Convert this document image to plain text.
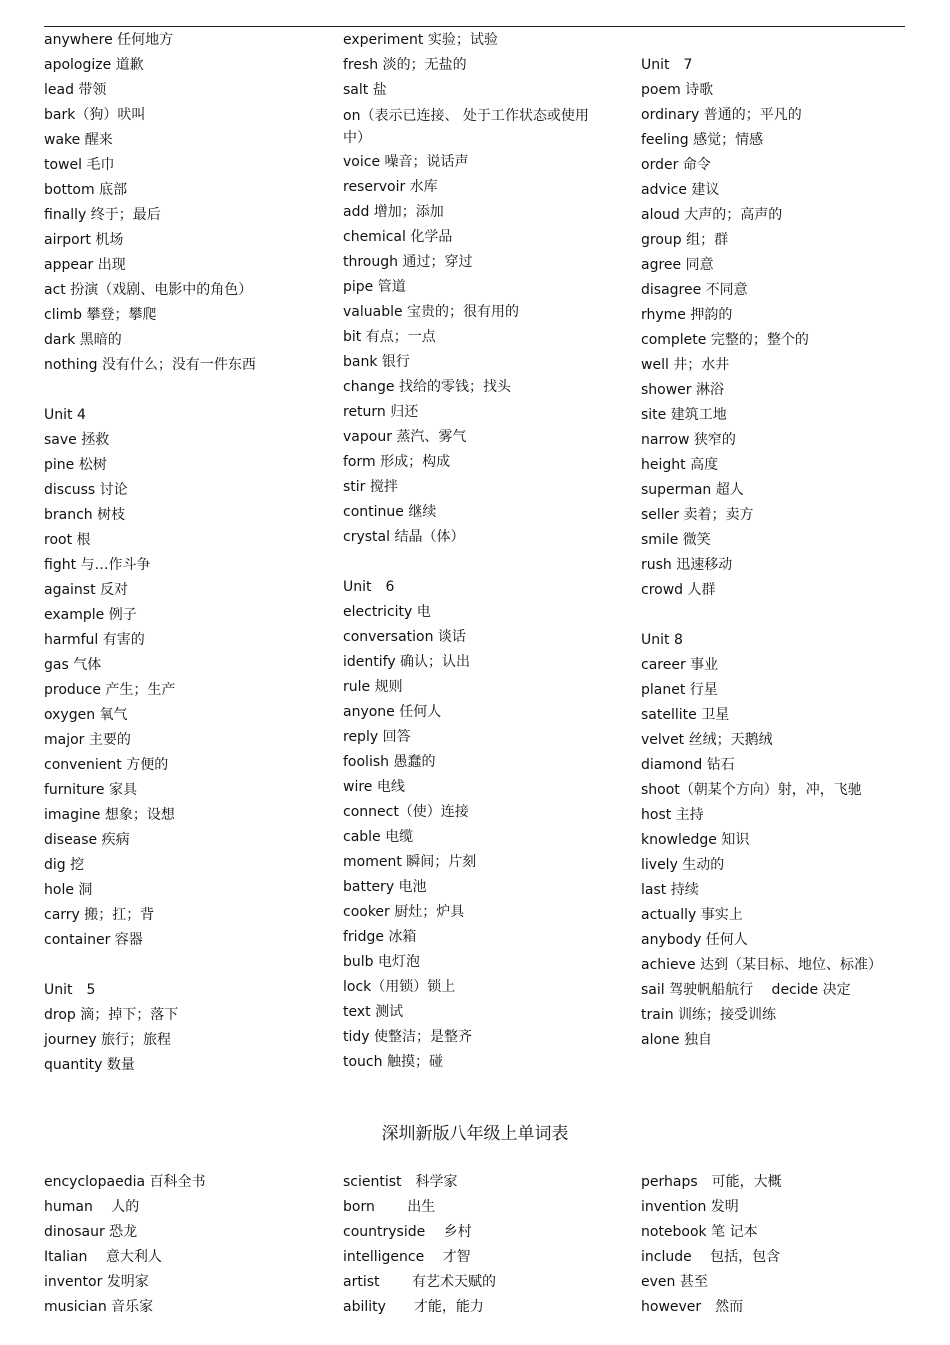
anywhere 任何地方
apologize 道歉
lead 带领
bark（狗）吠叫
wake 醒来
towel 毛巾
bottom 底部
finally 终于；最后
airport 机场
appear 出现
act 扮演（戏剧、电影中的角色）
climb 攀登；攀爬
dark 黑暗的
nothing 没有什么；没有一件东西
Unit 4
save 拯救
pine 松树
discuss 讨论
branch 树枝
root 根
fight 与…作斗争
against 反对
example 例子
harmful 有害的
gas 气体
produce 产生；生产
oxygen 氧气
major 主要的
convenient 方便的
furniture 家具
imagine 想象；设想
disease 疾病
dig 挖
hole 洞
carry 搬；扛；背
container 容器
Unit　5
drop 滴；掉下；落下
journey 旅行；旅程
quantity 数量
experiment 实验；试验
fresh 淡的；无盐的
salt 盐
on（表示已连接、 处于工作状态或使用中）
voice 噪音；说话声
reservoir 水库
add 增加；添加
chemical 化学品
through 通过；穿过
pipe 管道
valuable 宝贵的；很有用的
bit 有点；一点
bank 银行
change 找给的零钱；找头
return 归还
vapour 蒸汽、雾气
form 形成；构成
stir 搅拌
continue 继续
crystal 结晶（体）
Unit　6
electricity 电
conversation 谈话
identify 确认；认出
rule 规则
anyone 任何人
reply 回答
foolish 愚蠢的
wire 电线
connect（使）连接
cable 电缆
moment 瞬间；片刻
battery 电池
cooker 厨灶；炉具
fridge 冰箱
bulb 电灯泡
lock（用锁）锁上
text 测试
tidy 使整洁；是整齐
touch 触摸；碰
Unit　7
poem 诗歌
ordinary 普通的；平凡的
feeling 感觉；情感
order 命令
advice 建议
aloud 大声的；高声的
group 组；群
agree 同意
disagree 不同意
rhyme 押韵的
complete 完整的；整个的
well 井；水井
shower 淋浴
site 建筑工地
narrow 狭窄的
height 高度
superman 超人
seller 卖着；卖方
smile 微笑
rush 迅速移动
crowd 人群
Unit 8
career 事业
planet 行星
satellite 卫星
velvet 丝绒；天鹅绒
diamond 钻石
shoot（朝某个方向）射，冲，飞驰
host 主持
knowledge 知识
lively 生动的
last 持续
actually 事实上
anybody 任何人
achieve 达到（某目标、地位、标准）
sail 驾驶帆船航行　 decide 决定
train 训练；接受训练
alone 独自
深圳新版八年级上单词表
encyclopaedia 百科全书
human　 人的
dinosaur 恐龙
Italian　 意大利人
inventor 发明家
musician 音乐家
scientist　科学家
born　　 出生
countryside　 乡村
intelligence　 才智
artist　　 有艺术天赋的
ability　　才能，能力
perhaps　可能，大概
invention 发明
notebook 笔 记本
include　 包括，包含
even 甚至
however　然而
